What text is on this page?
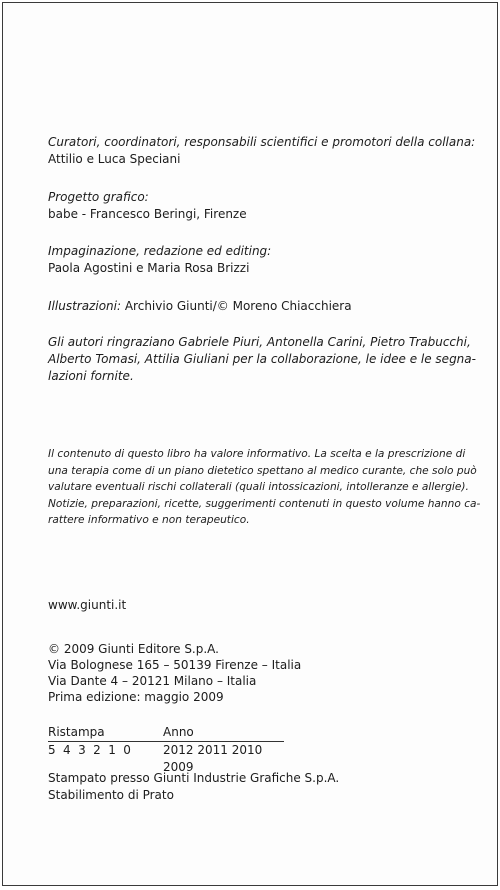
Curatori, coordinatori, responsabili scientifici e promotori della collana:
Attilio e Luca Speciani
Progetto grafico:
babe - Francesco Beringi, Firenze
Impaginazione, redazione ed editing:
Paola Agostini e Maria Rosa Brizzi
Illustrazioni: Archivio Giunti/© Moreno Chiacchiera
Gli autori ringraziano Gabriele Piuri, Antonella Carini, Pietro Trabucchi,
Alberto Tomasi, Attilia Giuliani per la collaborazione, le idee e le segna-
lazioni fornite.
Il contenuto di questo libro ha valore informativo. La scelta e la prescrizione di
una terapia come di un piano dietetico spettano al medico curante, che solo può
valutare eventuali rischi collaterali (quali intossicazioni, intolleranze e allergie).
Notizie, preparazioni, ricette, suggerimenti contenuti in questo volume hanno ca-
rattere informativo e non terapeutico.
www.giunti.it
© 2009 Giunti Editore S.p.A.
Via Bolognese 165 – 50139 Firenze – Italia
Via Dante 4 – 20121 Milano – Italia
Prima edizione: maggio 2009
Ristampa	Anno
5 4 3 2 1 0	2012 2011 2010 2009
Stampato presso Giunti Industrie Grafiche S.p.A.
Stabilimento di Prato
